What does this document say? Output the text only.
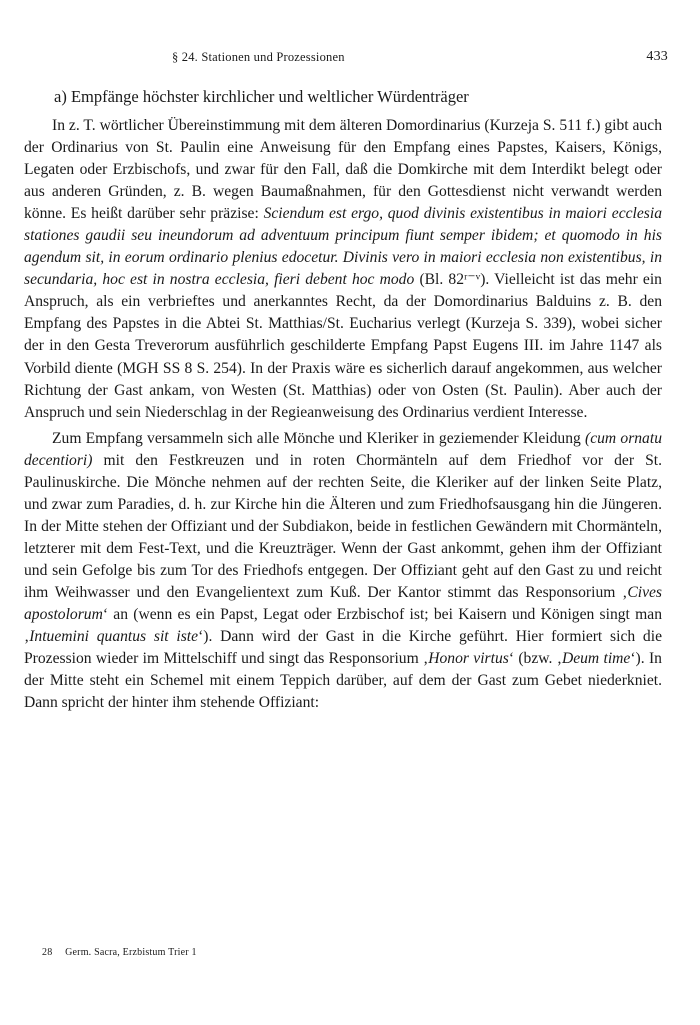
§ 24. Stationen und Prozessionen	433
a) Empfänge höchster kirchlicher und weltlicher Würdenträger

In z. T. wörtlicher Übereinstimmung mit dem älteren Domordinarius (Kurzeja S. 511 f.) gibt auch der Ordinarius von St. Paulin eine Anweisung für den Empfang eines Papstes, Kaisers, Königs, Legaten oder Erzbischofs, und zwar für den Fall, daß die Domkirche mit dem Interdikt belegt oder aus anderen Gründen, z. B. wegen Baumaßnahmen, für den Gottesdienst nicht verwandt werden könne. Es heißt darüber sehr präzise: Sciendum est ergo, quod divinis existentibus in maiori ecclesia stationes gaudii seu ineundorum ad adventuum principum fiunt semper ibidem; et quomodo in his agendum sit, in eorum ordinario plenius edocetur. Divinis vero in maiori ecclesia non existentibus, in secundaria, hoc est in nostra ecclesia, fieri debent hoc modo (Bl. 82ʳ⁻ᵛ). Vielleicht ist das mehr ein Anspruch, als ein verbrieftes und anerkanntes Recht, da der Domordinarius Balduins z. B. den Empfang des Papstes in die Abtei St. Matthias/St. Eucharius verlegt (Kurzeja S. 339), wobei sicher der in den Gesta Treverorum ausführlich geschilderte Empfang Papst Eugens III. im Jahre 1147 als Vorbild diente (MGH SS 8 S. 254). In der Praxis wäre es sicherlich darauf angekommen, aus welcher Richtung der Gast ankam, von Westen (St. Matthias) oder von Osten (St. Paulin). Aber auch der Anspruch und sein Niederschlag in der Regieanweisung des Ordinarius verdient Interesse.

Zum Empfang versammeln sich alle Mönche und Kleriker in geziemender Kleidung (cum ornatu decentiori) mit den Festkreuzen und in roten Chormänteln auf dem Friedhof vor der St. Paulinuskirche. Die Mönche nehmen auf der rechten Seite, die Kleriker auf der linken Seite Platz, und zwar zum Paradies, d. h. zur Kirche hin die Älteren und zum Friedhofsausgang hin die Jüngeren. In der Mitte stehen der Offiziant und der Subdiakon, beide in festlichen Gewändern mit Chormänteln, letzterer mit dem Fest-Text, und die Kreuzträger. Wenn der Gast ankommt, gehen ihm der Offiziant und sein Gefolge bis zum Tor des Friedhofs entgegen. Der Offiziant geht auf den Gast zu und reicht ihm Weihwasser und den Evangelientext zum Kuß. Der Kantor stimmt das Responsorium ‚Cives apostolorum‘ an (wenn es ein Papst, Legat oder Erzbischof ist; bei Kaisern und Königen singt man ‚Intuemini quantus sit iste‘). Dann wird der Gast in die Kirche geführt. Hier formiert sich die Prozession wieder im Mittelschiff und singt das Responsorium ‚Honor virtus‘ (bzw. ‚Deum time‘). In der Mitte steht ein Schemel mit einem Teppich darüber, auf dem der Gast zum Gebet niederkniet. Dann spricht der hinter ihm stehende Offiziant:

28 Germ. Sacra, Erzbistum Trier 1
